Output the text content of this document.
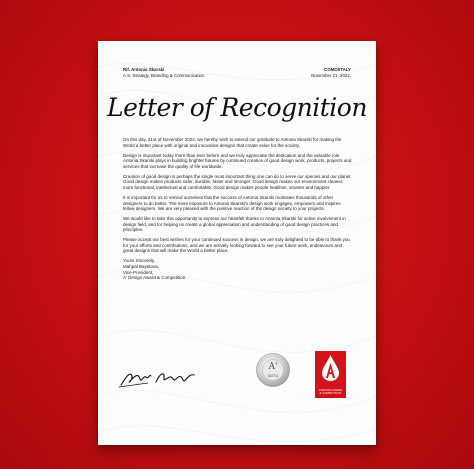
Rif. Antonia Skarski
A.S. Strategy, Branding & Communication
COMO/ITALY
November 21, 2022.
Letter of Recognition

On this day, 21st of November 2022, we hereby wish to extend our gratitude to Antonia Skarski for making the World a better place with original and innovative designs that create value for the society.

Design is important today more than ever before and we truly appreciate the dedication and the valuable role Antonia Skarski plays in building brighter futures by continued creation of good design work, products, projects and services that increase the quality of life worldwide.

Creation of good design is perhaps the single most important thing one can do to serve our species and our planet. Good design makes products safer, durable, faster and stronger. Good design makes our environment cleaner, more functional, intellectual and comfortable. Good design makes people healthier, smarter and happier.

It is important for us to remind ourselves that the success of Antonia Skarski motivates thousands of other designers to do better. The mere exposure to Antonia Skarski's design work engages, empowers and inspires fellow designers. We are very pleased with the positive reaction of the design society to your projects.

We would like to take this opportunity to express our heartfelt thanks to Antonia Skarski for active involvement in design field, and for helping us create a global appreciation and understanding of good design practices and principles.

Please accept our best wishes for your continued success in design, we are truly delighted to be able to thank you for your efforts and contributions, and we are actively looking forward to see your future work, endeavours and great designs that will make the World a better place.

Yours Sincerely,
Mahpal Bayetova,
Vice-President,
A' Design Award & Competition.
A'
152711
A'DESIGN AWARD
& COMPETITION
